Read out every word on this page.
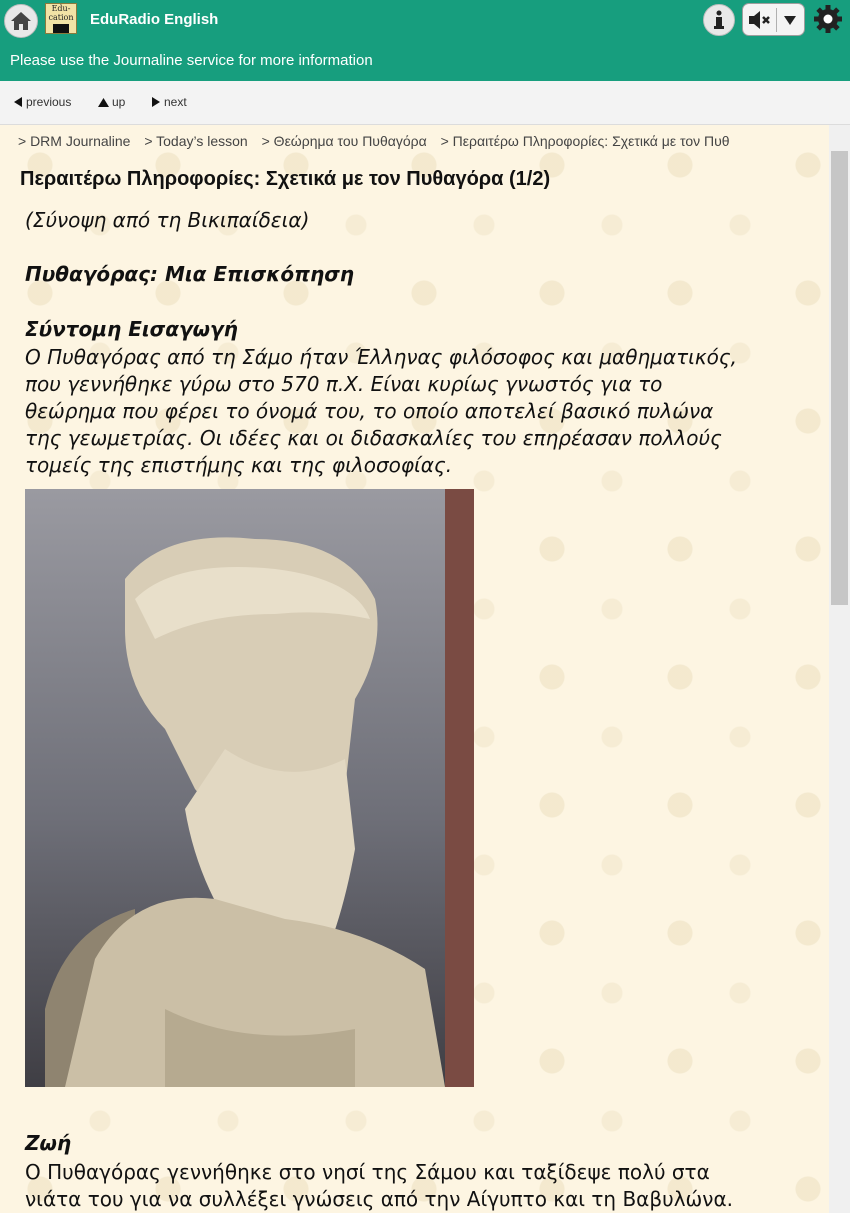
Edu-
cation EduRadio English
Please use the Journaline service for more information
previous	up	next
> DRM Journaline > Today’s lesson > Θεώρημα του Πυθαγόρα > Περαιτέρω Πληροφορίες: Σχετικά με τον Πυθ
Περαιτέρω Πληροφορίες: Σχετικά με τον Πυθαγόρα (1/2)
(Σύνοψη από τη Βικιπαίδεια)
Πυθαγόρας: Μια Επισκόπηση
Σύντομη Εισαγωγή
Ο Πυθαγόρας από τη Σάμο ήταν Έλληνας φιλόσοφος και μαθηματικός,
που γεννήθηκε γύρω στο 570 π.Χ. Είναι κυρίως γνωστός για το
θεώρημα που φέρει το όνομά του, το οποίο αποτελεί βασικό πυλώνα
της γεωμετρίας. Οι ιδέες και οι διδασκαλίες του επηρέασαν πολλούς
τομείς της επιστήμης και της φιλοσοφίας.
Ζωή
Ο Πυθαγόρας γεννήθηκε στο νησί της Σάμου και ταξίδεψε πολύ στα
νιάτα του για να συλλέξει γνώσεις από την Αίγυπτο και τη Βαβυλώνα.
